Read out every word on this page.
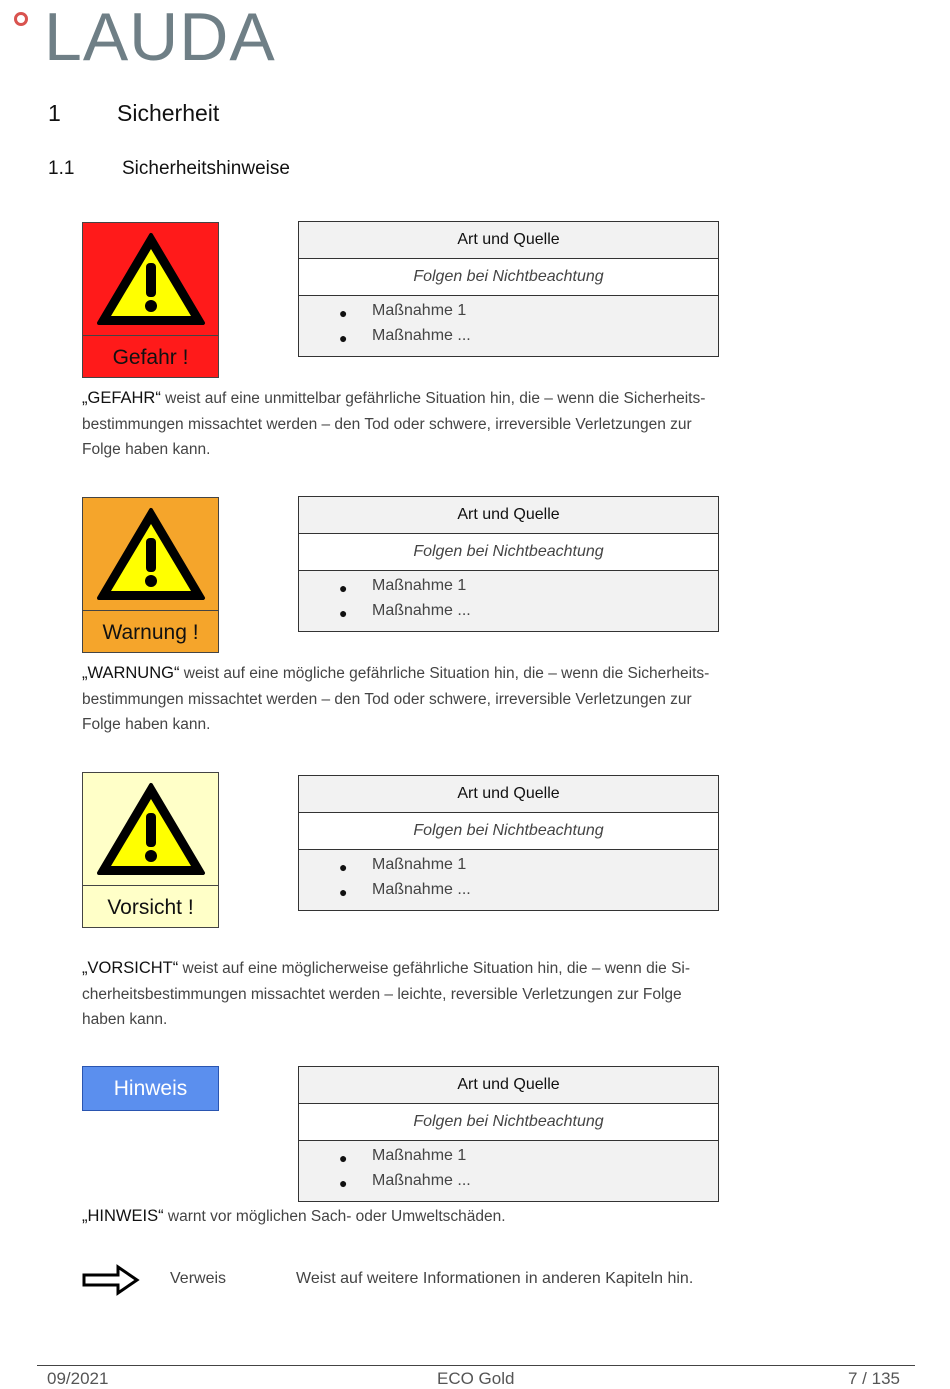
LAUDA
1 Sicherheit
1.1	Sicherheitshinweise
Gefahr !
Art und Quelle
Folgen bei Nichtbeachtung
● Maßnahme 1
● Maßnahme ...
„GEFAHR“ weist auf eine unmittelbar gefährliche Situation hin, die – wenn die Sicherheits-
bestimmungen missachtet werden – den Tod oder schwere, irreversible Verletzungen zur
Folge haben kann.
Warnung !
Art und Quelle
Folgen bei Nichtbeachtung
● Maßnahme 1
● Maßnahme ...
„WARNUNG“ weist auf eine mögliche gefährliche Situation hin, die – wenn die Sicherheits-
bestimmungen missachtet werden – den Tod oder schwere, irreversible Verletzungen zur
Folge haben kann.
Vorsicht !
Art und Quelle
Folgen bei Nichtbeachtung
● Maßnahme 1
● Maßnahme ...
„VORSICHT“ weist auf eine möglicherweise gefährliche Situation hin, die – wenn die Si-
cherheitsbestimmungen missachtet werden – leichte, reversible Verletzungen zur Folge
haben kann.
Hinweis	Art und Quelle
Folgen bei Nichtbeachtung
● Maßnahme 1
● Maßnahme ...
„HINWEIS“ warnt vor möglichen Sach- oder Umweltschäden.
Verweis	Weist auf weitere Informationen in anderen Kapiteln hin.
09/2021	ECO Gold	7 / 135
